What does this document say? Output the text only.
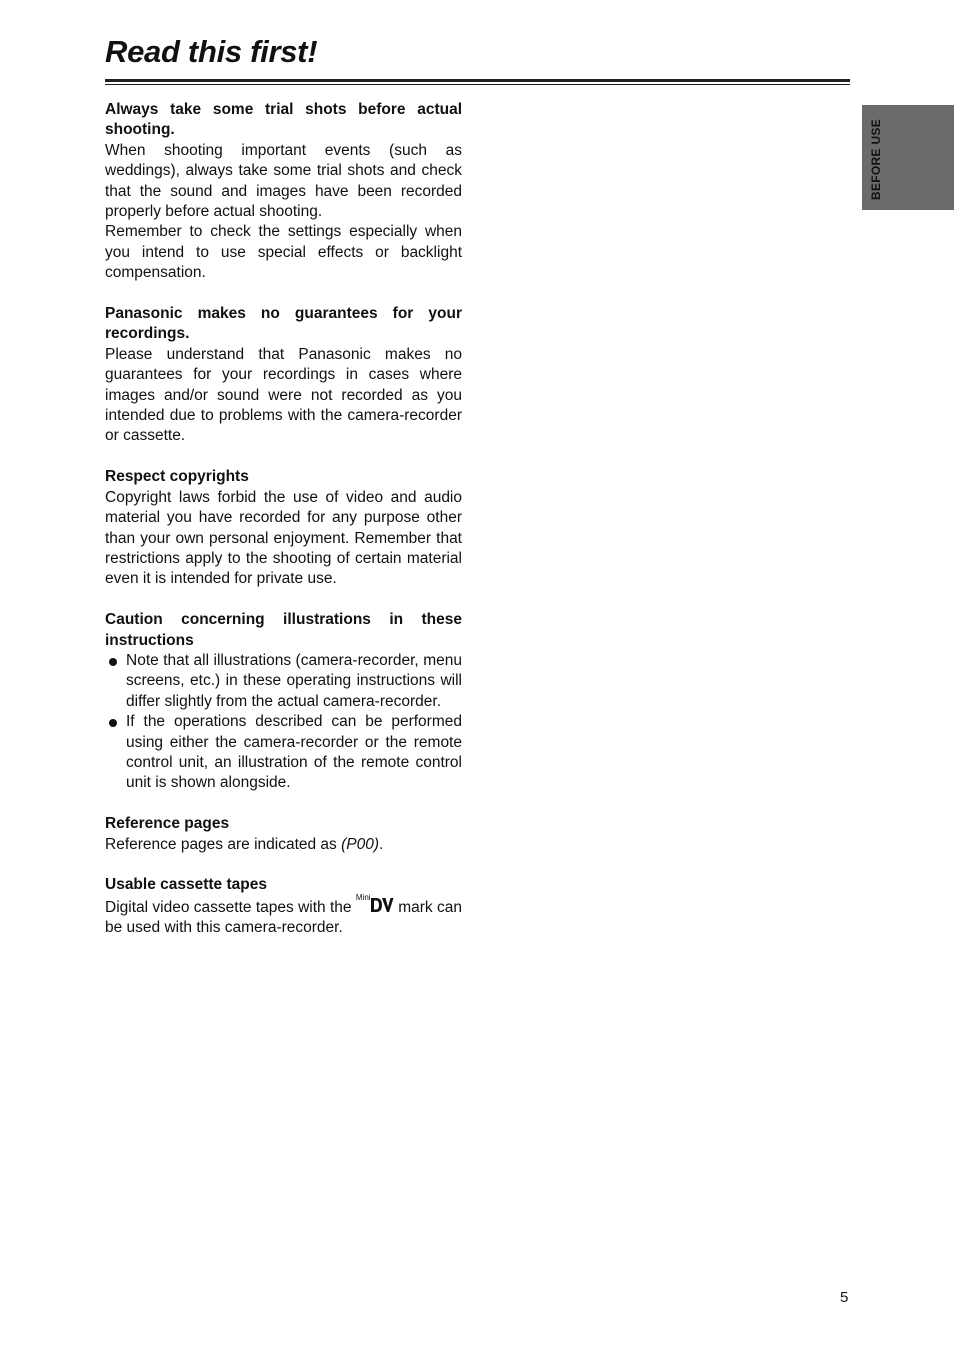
Read this first!
BEFORE USE
Always take some trial shots before actual shooting.

When shooting important events (such as weddings), always take some trial shots and check that the sound and images have been recorded properly before actual shooting.

Remember to check the settings especially when you intend to use special effects or backlight compensation.

Panasonic makes no guarantees for your recordings.

Please understand that Panasonic makes no guarantees for your recordings in cases where images and/or sound were not recorded as you intended due to problems with the camera-recorder or cassette.

Respect copyrights

Copyright laws forbid the use of video and audio material you have recorded for any purpose other than your own personal enjoyment. Remember that restrictions apply to the shooting of certain material even it is intended for private use.

Caution concerning illustrations in these instructions
Note that all illustrations (camera-recorder, menu screens, etc.) in these operating instructions will differ slightly from the actual camera-recorder.
If the operations described can be performed using either the camera-recorder or the remote control unit, an illustration of the remote control unit is shown alongside.
Reference pages

Reference pages are indicated as (P00).

Usable cassette tapes

Digital video cassette tapes with the
Mini
mark can be used with this camera-recorder.

5
